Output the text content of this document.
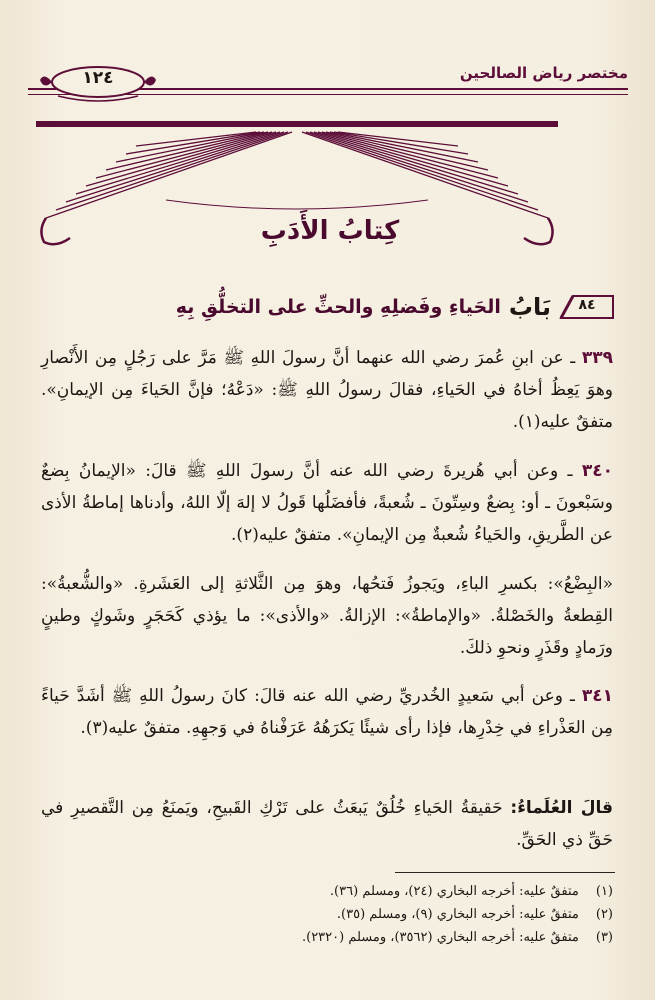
مختصر رياض الصالحين
١٢٤
كِتابُ الأَدَبِ
٨٤
بَابُ
الحَياءِ وفَضلِهِ والحثِّ على التخلُّقِ بِهِ
٣٣٩ ـ عن ابنِ عُمرَ رضي الله عنهما أنَّ رسولَ اللهِ ﷺ مَرَّ على رَجُلٍ مِن الأَنْصارِ وهوَ يَعِظُ أخاهُ في الحَياءِ، فقالَ رسولُ اللهِ ﷺ: «دَعْهُ؛ فإنَّ الحَياءَ مِن الإيمانِ». متفقٌ عليه(١).
٣٤٠ ـ وعن أبي هُريرةَ رضي الله عنه أنَّ رسولَ اللهِ ﷺ قالَ: «الإيمانُ بِضعٌ وسَبْعونَ ـ أو: بِضعٌ وسِتّونَ ـ شُعبةً، فأفضَلُها قَولُ لا إلهَ إلّا اللهُ، وأدناها إماطةُ الأذى عن الطَّريقِ، والحَياءُ شُعبةٌ مِن الإيمانِ». متفقٌ عليه(٢).
«البِضْعُ»: بكسرِ الباءِ، ويَجوزُ فَتحُها، وهوَ مِن الثَّلاثةِ إلى العَشَرةِ. «والشُّعبةُ»: القِطعةُ والخَصْلةُ. «والإماطةُ»: الإزالةُ. «والأذى»: ما يؤذي كَحَجَرٍ وشَوكٍ وطينٍ ورَمادٍ وقَذَرٍ ونحوِ ذلكَ.
٣٤١ ـ وعن أبي سَعيدٍ الخُدريِّ رضي الله عنه قالَ: كانَ رسولُ اللهِ ﷺ أشَدَّ حَياءً مِن العَذْراءِ في خِدْرِها، فإذا رأى شيئًا يَكرَهُهُ عَرَفْناهُ في وَجهِهِ. متفقٌ عليه(٣).
قالَ العُلَماءُ: حَقيقةُ الحَياءِ خُلُقٌ يَبعَثُ على تَرْكِ القَبيحِ، ويَمنَعُ مِن التَّقصيرِ في حَقِّ ذي الحَقِّ.
(١) متفقٌ عليه: أخرجه البخاري (٢٤)، ومسلم (٣٦).
(٢) متفقٌ عليه: أخرجه البخاري (٩)، ومسلم (٣٥).
(٣) متفقٌ عليه: أخرجه البخاري (٣٥٦٢)، ومسلم (٢٣٢٠).
